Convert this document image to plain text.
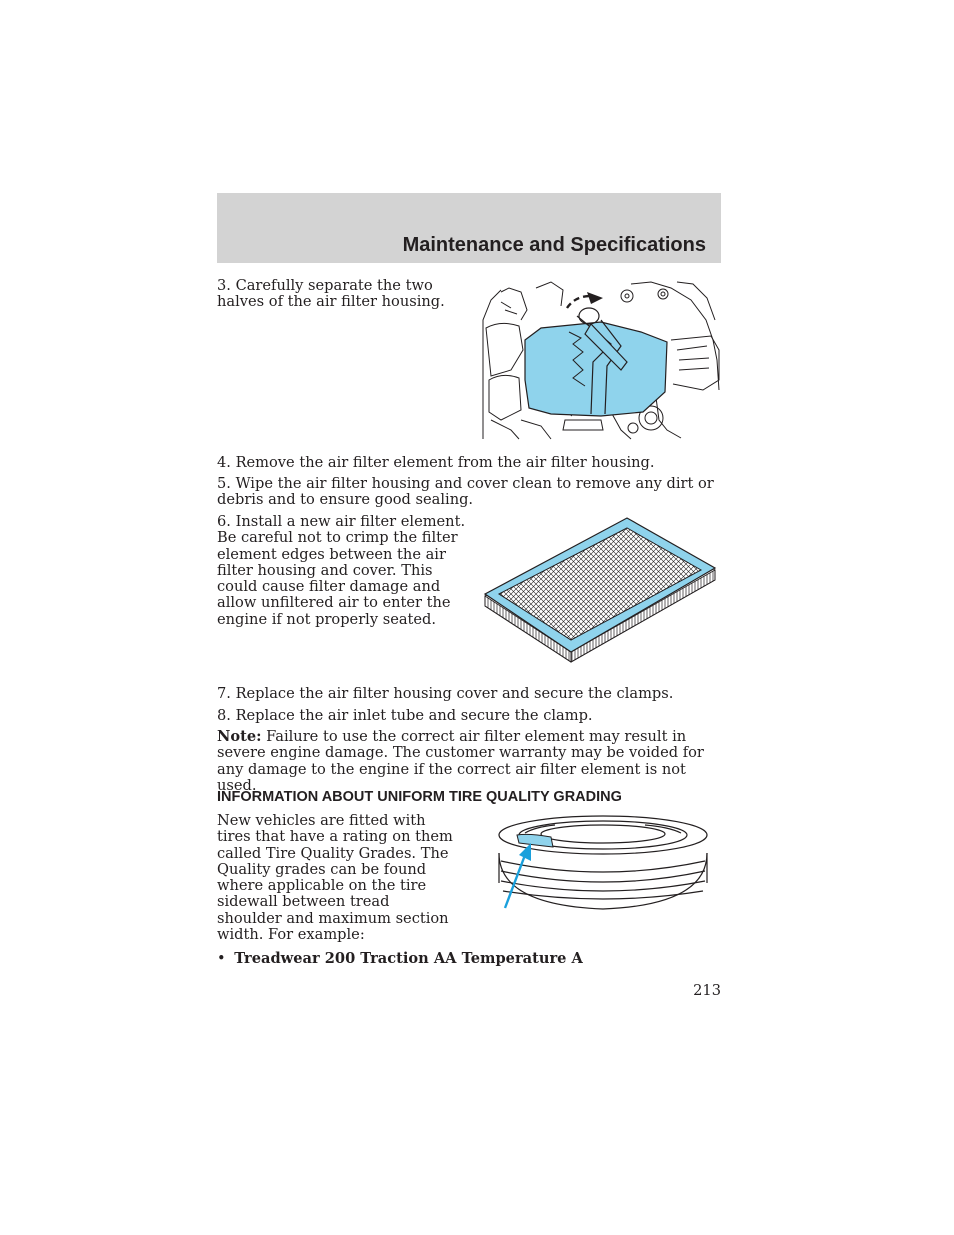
Maintenance and Specifications

3. Carefully separate the two halves of the air filter housing.

4. Remove the air filter element from the air filter housing.

5. Wipe the air filter housing and cover clean to remove any dirt or debris and to ensure good sealing.

6. Install a new air filter element. Be careful not to crimp the filter element edges between the air filter housing and cover. This could cause filter damage and allow unfiltered air to enter the engine if not properly seated.

7. Replace the air filter housing cover and secure the clamps.

8. Replace the air inlet tube and secure the clamp.

Note: Failure to use the correct air filter element may result in severe engine damage. The customer warranty may be voided for any damage to the engine if the correct air filter element is not used.

INFORMATION ABOUT UNIFORM TIRE QUALITY GRADING

New vehicles are fitted with tires that have a rating on them called Tire Quality Grades. The Quality grades can be found where applicable on the tire sidewall between tread shoulder and maximum section width. For example:

• Treadwear 200 Traction AA Temperature A

213
